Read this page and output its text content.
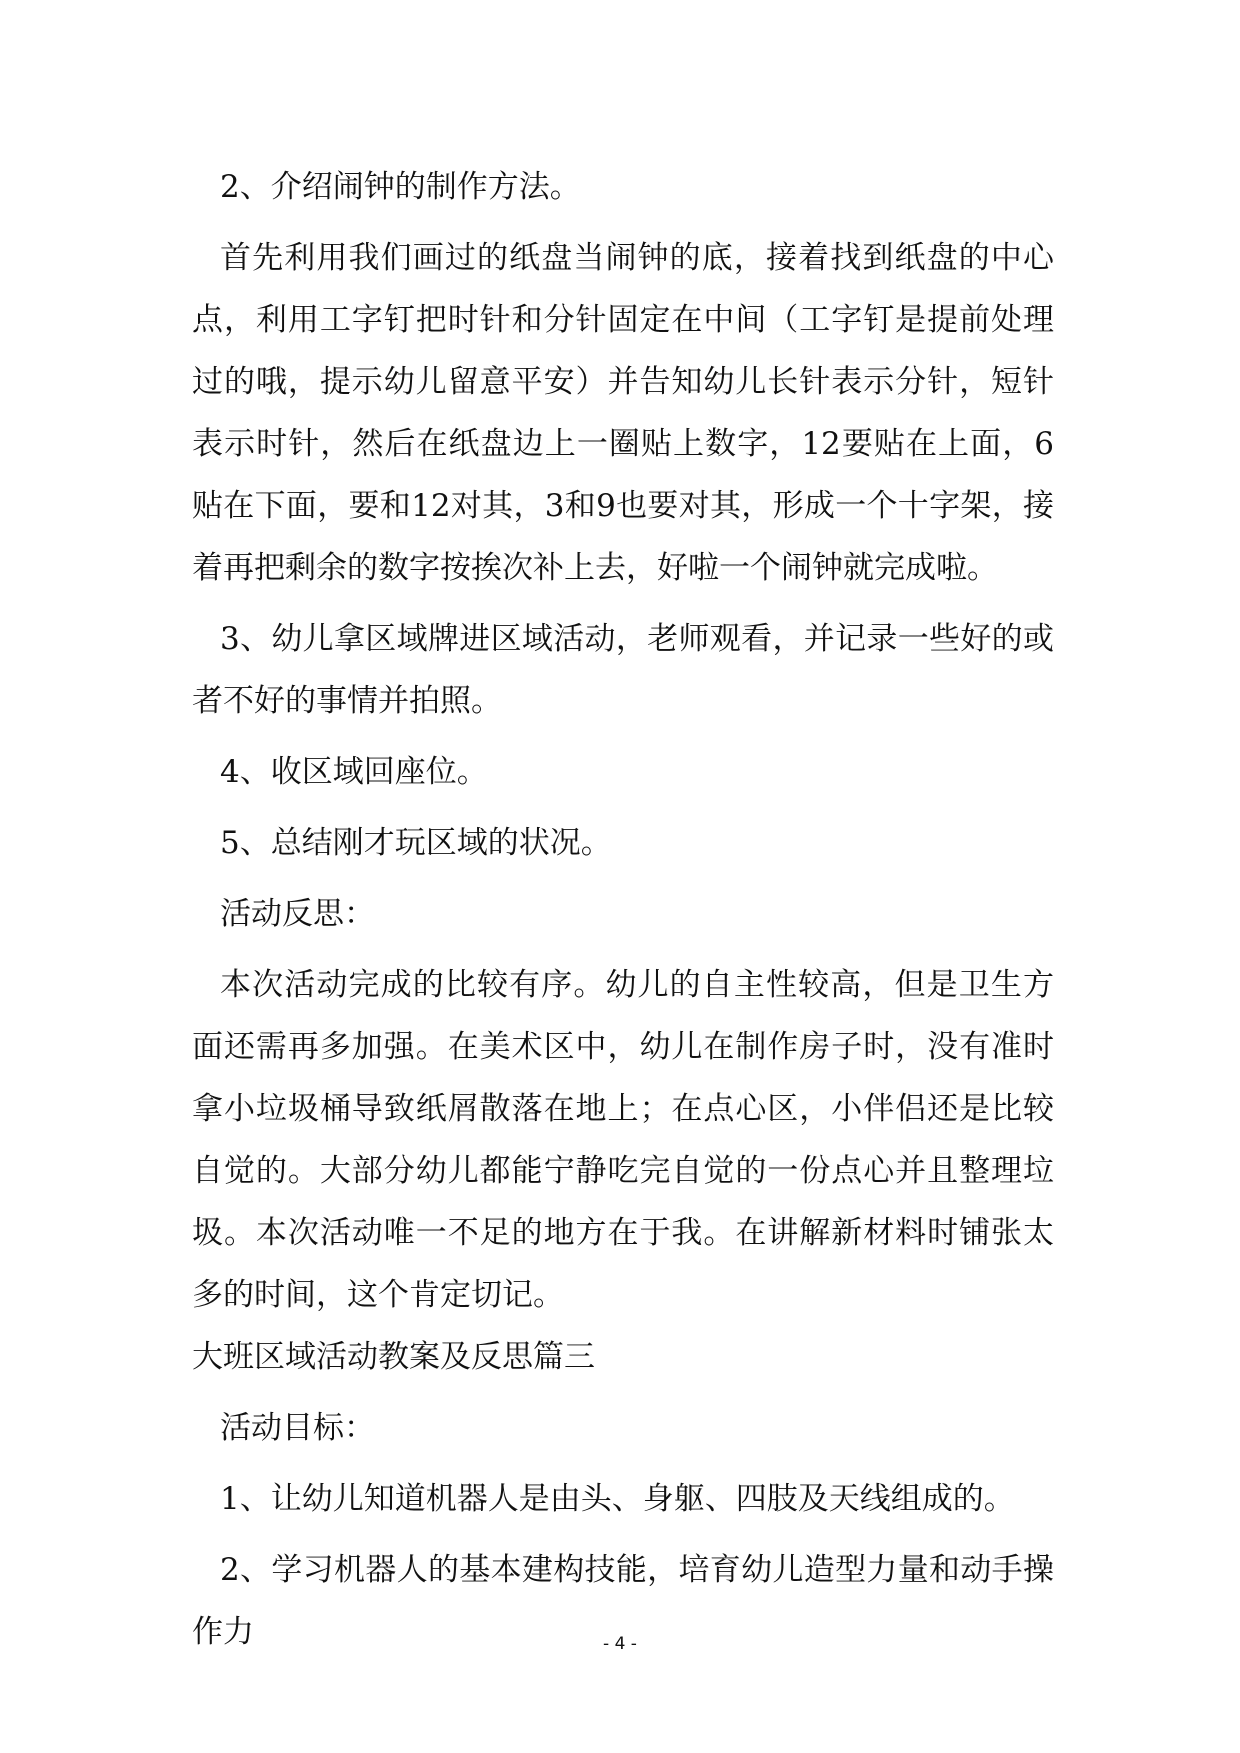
2、介绍闹钟的制作方法。

首先利用我们画过的纸盘当闹钟的底，接着找到纸盘的中心点，利用工字钉把时针和分针固定在中间（工字钉是提前处理过的哦，提示幼儿留意平安）并告知幼儿长针表示分针，短针表示时针，然后在纸盘边上一圈贴上数字，12要贴在上面，6贴在下面，要和12对其，3和9也要对其，形成一个十字架，接着再把剩余的数字按挨次补上去，好啦一个闹钟就完成啦。

3、幼儿拿区域牌进区域活动，老师观看，并记录一些好的或者不好的事情并拍照。

4、收区域回座位。

5、总结刚才玩区域的状况。

活动反思：

本次活动完成的比较有序。幼儿的自主性较高，但是卫生方面还需再多加强。在美术区中，幼儿在制作房子时，没有准时拿小垃圾桶导致纸屑散落在地上；在点心区，小伴侣还是比较自觉的。大部分幼儿都能宁静吃完自觉的一份点心并且整理垃圾。本次活动唯一不足的地方在于我。在讲解新材料时铺张太多的时间，这个肯定切记。

大班区域活动教案及反思篇三

活动目标：

1、让幼儿知道机器人是由头、身躯、四肢及天线组成的。

2、学习机器人的基本建构技能，培育幼儿造型力量和动手操作力	- 4 -
